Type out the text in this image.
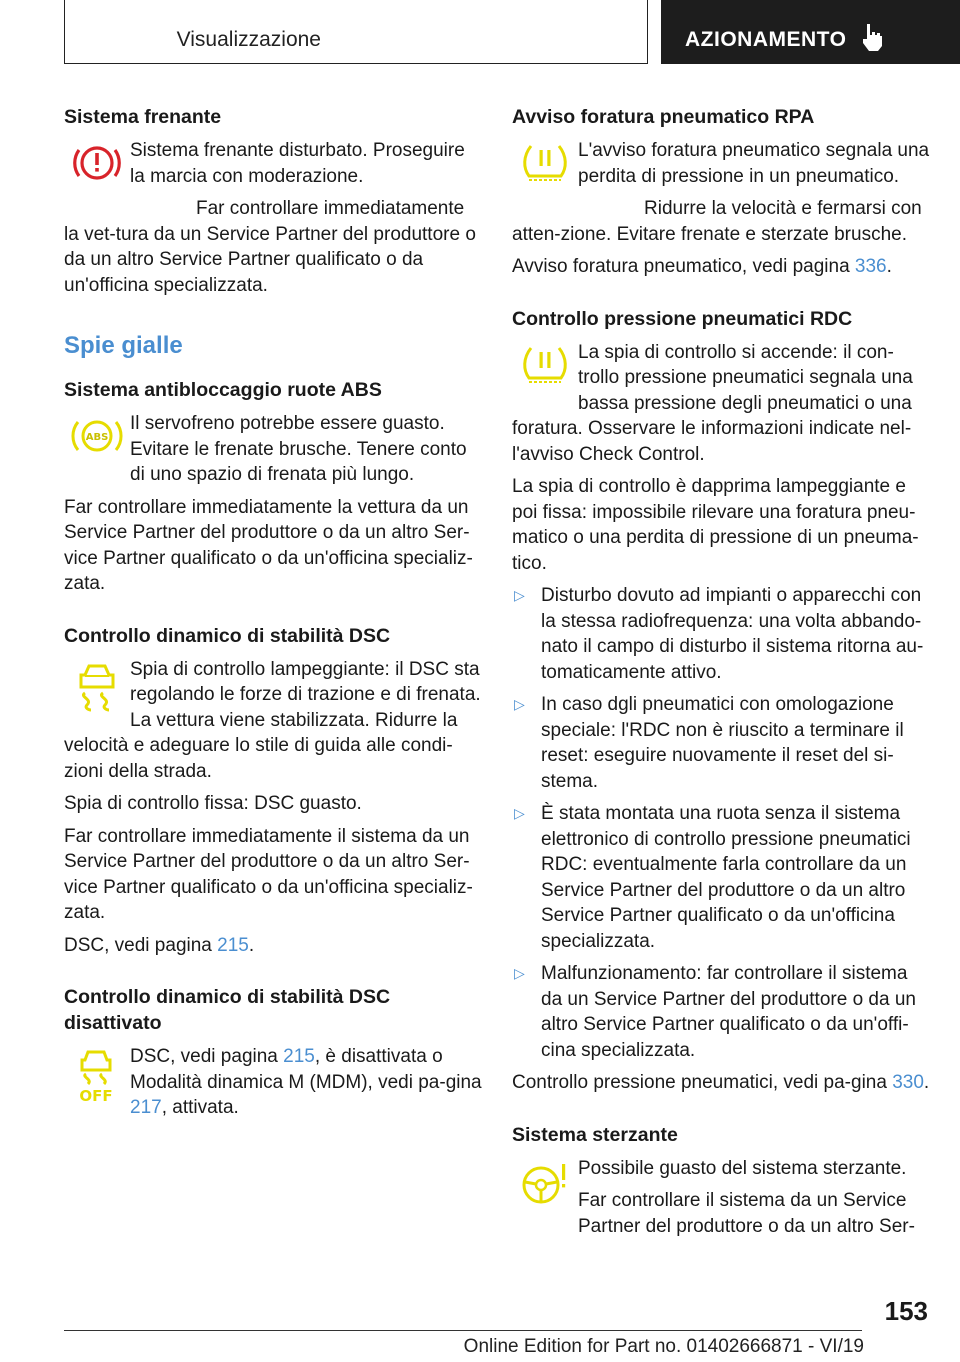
Visualizzazione	AZIONAMENTO
Sistema frenante

Sistema frenante disturbato. Proseguire la marcia con moderazione.

Far controllare immediatamente la vet-tura da un Service Partner del produttore o da un altro Service Partner qualificato o da un'officina specializzata.

Spie gialle
Sistema antibloccaggio ruote ABS
ABS

Il servofreno potrebbe essere guasto. Evitare le frenate brusche. Tenere conto di uno spazio di frenata più lungo.

Far controllare immediatamente la vettura da un Service Partner del produttore o da un altro Ser-vice Partner qualificato o da un'officina specializ-zata.

Controllo dinamico di stabilità DSC

Spia di controllo lampeggiante: il DSC sta regolando le forze di trazione e di frenata. La vettura viene stabilizzata. Ridurre la velocità e adeguare lo stile di guida alle condi-zioni della strada.

Spia di controllo fissa: DSC guasto.

Far controllare immediatamente il sistema da un Service Partner del produttore o da un altro Ser-vice Partner qualificato o da un'officina specializ-zata.

DSC, vedi pagina 215.

Controllo dinamico di stabilità DSC disattivato
OFF

DSC, vedi pagina 215, è disattivata o Modalità dinamica M (MDM), vedi pa-gina 217, attivata.

Avviso foratura pneumatico RPA

L'avviso foratura pneumatico segnala una perdita di pressione in un pneumatico.

Ridurre la velocità e fermarsi con atten-zione. Evitare frenate e sterzate brusche.

Avviso foratura pneumatico, vedi pagina 336.

Controllo pressione pneumatici RDC

La spia di controllo si accende: il con-trollo pressione pneumatici segnala una bassa pressione degli pneumatici o una foratura. Osservare le informazioni indicate nel-l'avviso Check Control.

La spia di controllo è dapprima lampeggiante e poi fissa: impossibile rilevare una foratura pneu-matico o una perdita di pressione di un pneuma-tico.

▷ Disturbo dovuto ad impianti o apparecchi con la stessa radiofrequenza: una volta abbando-nato il campo di disturbo il sistema ritorna au-tomaticamente attivo.
▷ In caso dgli pneumatici con omologazione speciale: l'RDC non è riuscito a terminare il reset: eseguire nuovamente il reset del si-stema.
▷ È stata montata una ruota senza il sistema elettronico di controllo pressione pneumatici RDC: eventualmente farla controllare da un Service Partner del produttore o da un altro Service Partner qualificato o da un'officina specializzata.
▷ Malfunzionamento: far controllare il sistema da un Service Partner del produttore o da un altro Service Partner qualificato o da un'offi-cina specializzata.

Controllo pressione pneumatici, vedi pa-gina 330.

Sistema sterzante

Possibile guasto del sistema sterzante.

Far controllare il sistema da un Service Partner del produttore o da un altro Ser-

153
Online Edition for Part no. 01402666871 - VI/19
